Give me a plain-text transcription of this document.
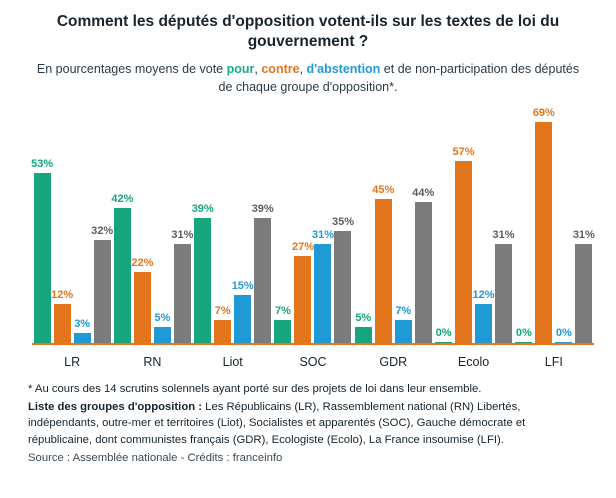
Comment les députés d'opposition votent-ils sur les textes de loi du gouvernement ?
En pourcentages moyens de vote pour, contre, d'abstention et de non-participation des députés de chaque groupe d'opposition*.
53%
12%
3%
32%
42%
22%
5%
31%
39%
7%
15%
39%
7%
27%
31%
35%
5%
45%
7%
44%
0%
57%
12%
31%
0%
69%
0%
31%
LR	RN	Liot	SOC	GDR	Ecolo	LFI
* Au cours des 14 scrutins solennels ayant porté sur des projets de loi dans leur ensemble.
Liste des groupes d'opposition : Les Républicains (LR), Rassemblement national (RN) Libertés, indépendants, outre-mer et territoires (Liot), Socialistes et apparentés (SOC), Gauche démocrate et républicaine, dont communistes français (GDR), Ecologiste (Ecolo), La France insoumise (LFI).
Source : Assemblée nationale - Crédits : franceinfo
